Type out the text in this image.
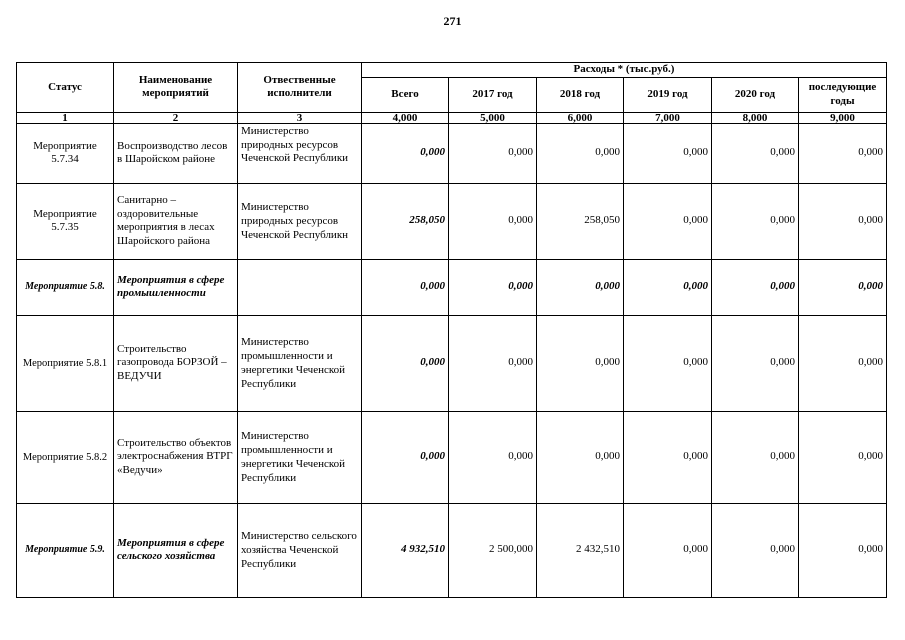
271
Статус	Наименование мероприятий	Отвественные исполнители	Расходы * (тыс.руб.)					
			Всего	2017 год	2018 год	2019 год	2020 год	последующие годы

1	2	3	4,000	5,000	6,000	7,000	8,000	9,000
Мероприятие 5.7.34	Воспроизводство лесов в Шаройском районе	Министерство природных ресурсов Чеченской Республики	0,000	0,000	0,000	0,000	0,000	0,000
Мероприятие 5.7.35	Санитарно – оздоровительные мероприятия в лесах Шаройского района	Министерство природных ресурсов Чеченской Республикн	258,050	0,000	258,050	0,000	0,000	0,000
Мероприятие 5.8.	Мероприятия в сфере промышленности		0,000	0,000	0,000	0,000	0,000	0,000
Мероприятие 5.8.1	Строительство газопровода БОРЗОЙ – ВЕДУЧИ	Министерство промышленности и энергетики Чеченской Республики	0,000	0,000	0,000	0,000	0,000	0,000
Мероприятие 5.8.2	Строительство объектов электроснабжения ВТРГ «Ведучи»	Министерство промышленности и энергетики Чеченской Республики	0,000	0,000	0,000	0,000	0,000	0,000
Мероприятие 5.9.	Мероприятия в сфере сельского хозяйства	Министерство сельского хозяйства Чеченской Республики	4 932,510	2 500,000	2 432,510	0,000	0,000	0,000
